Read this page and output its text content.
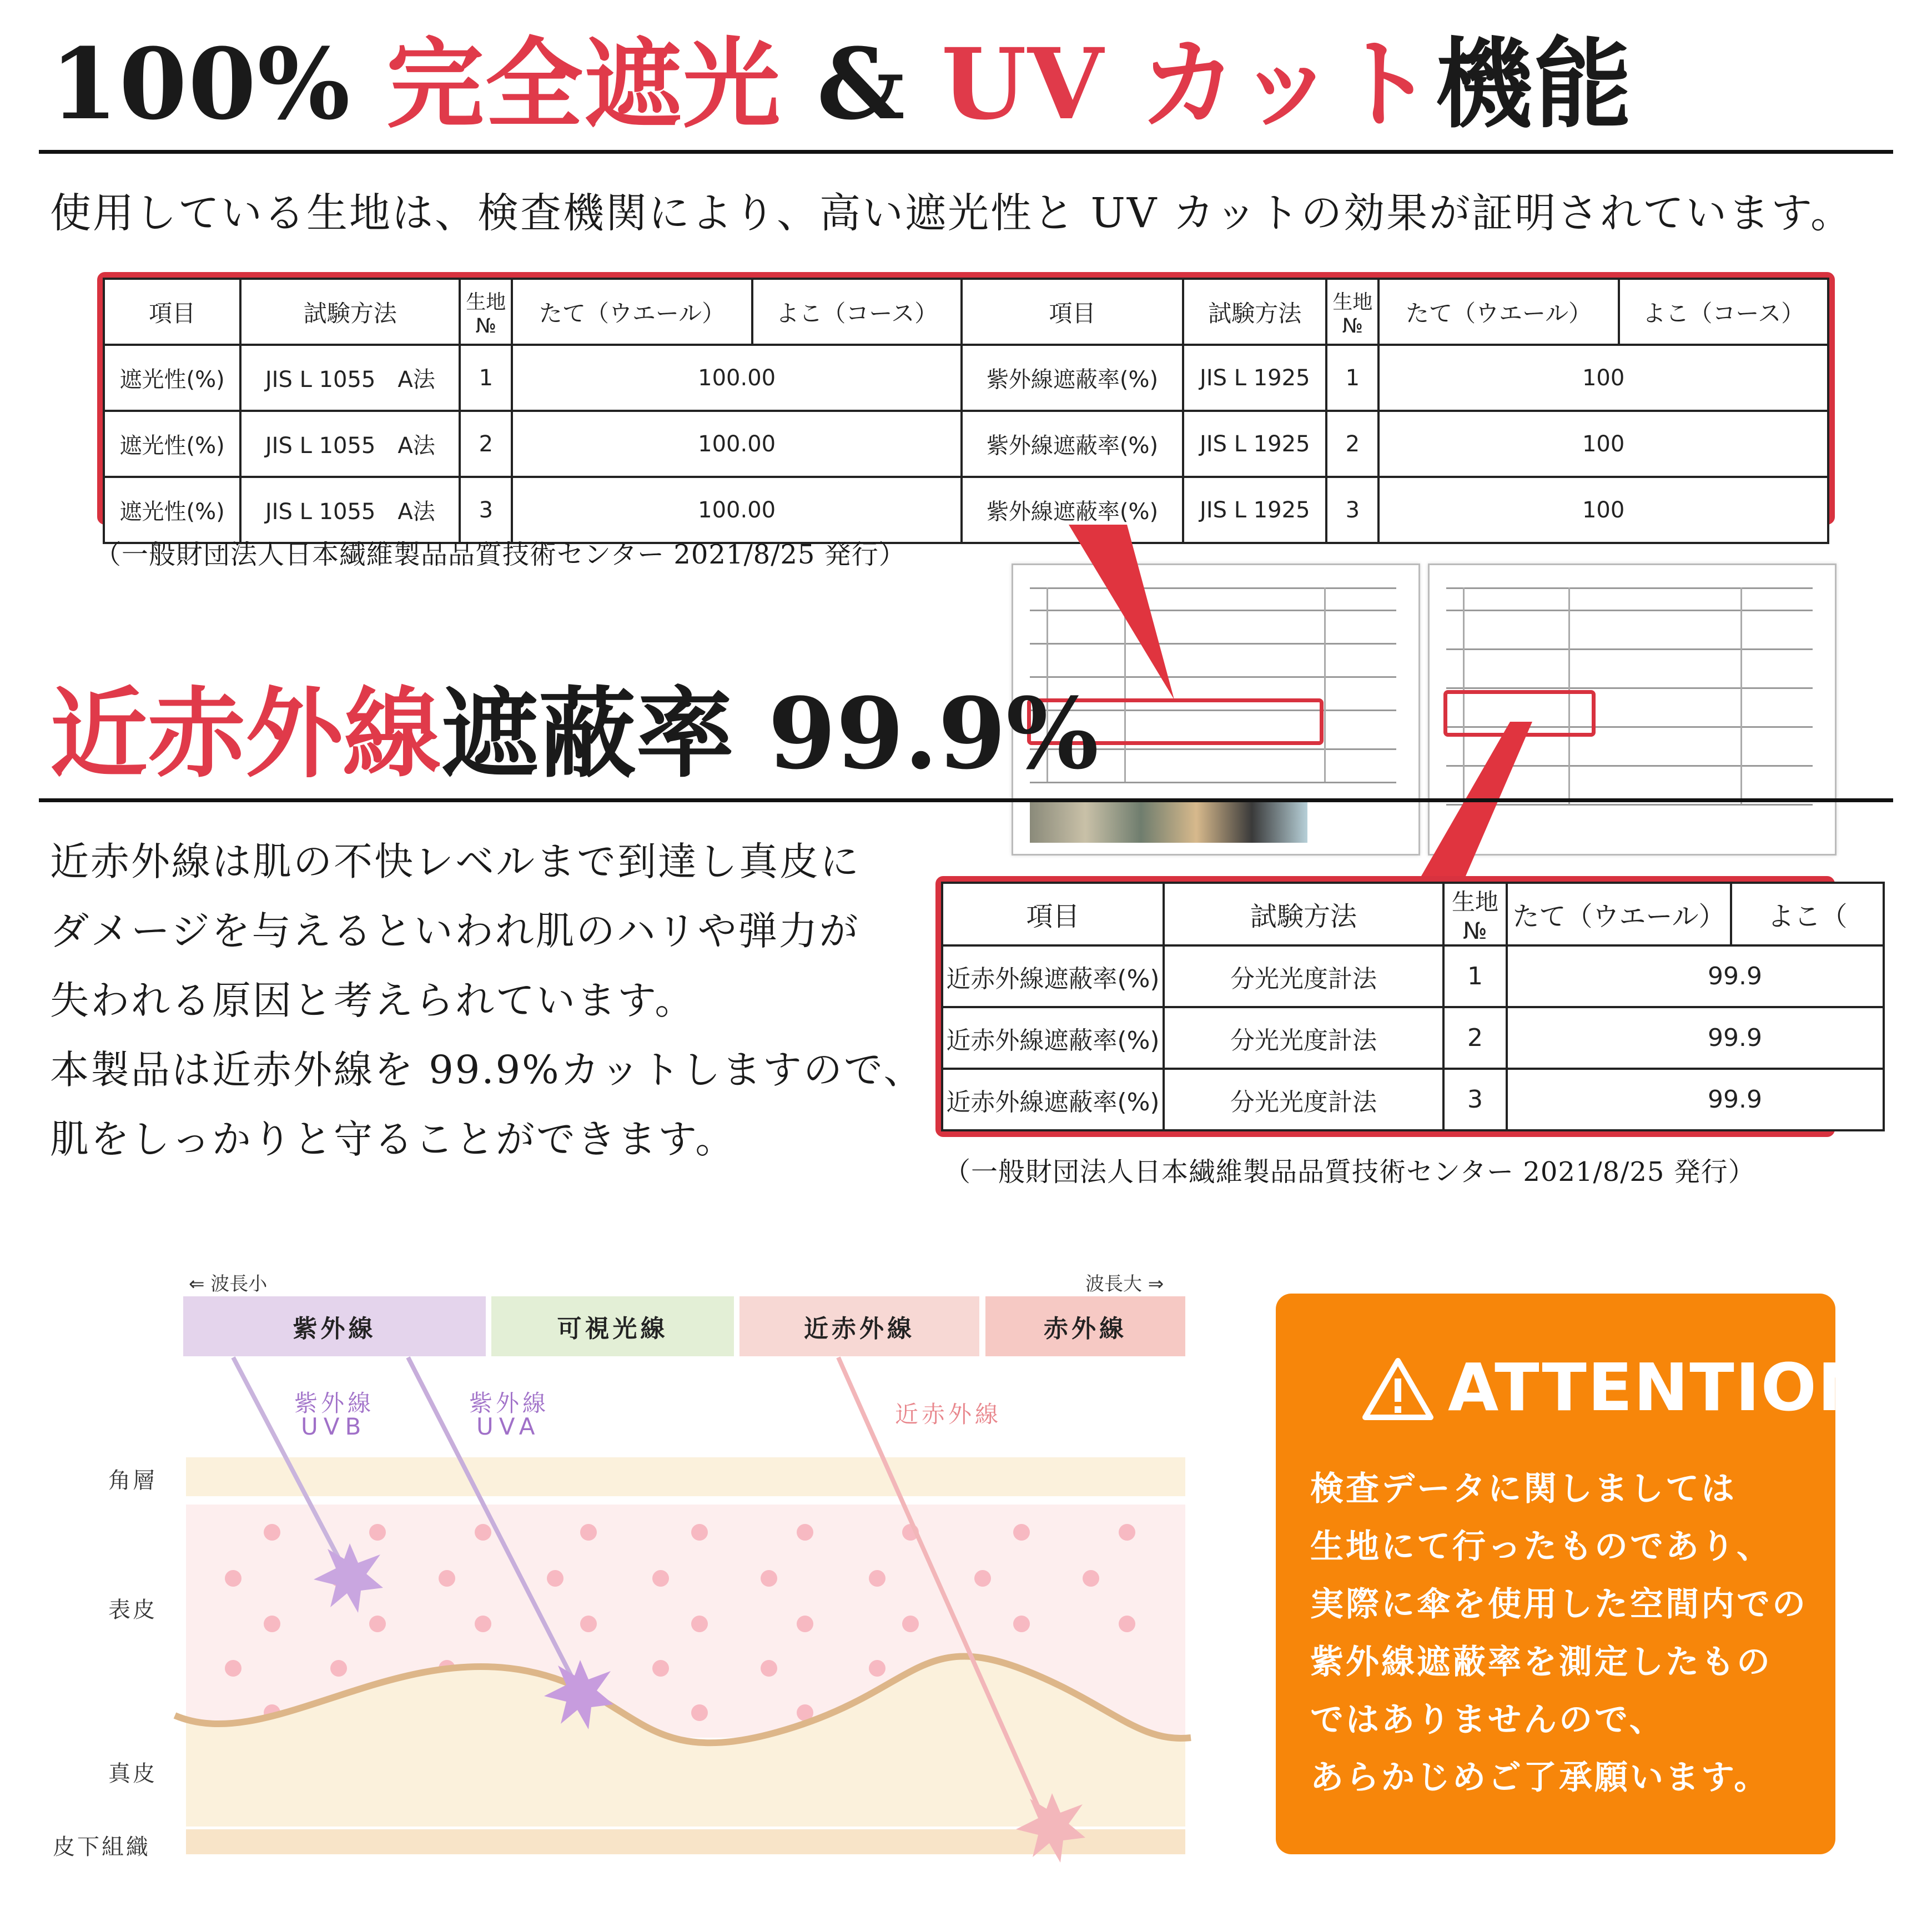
100% 完全遮光 & UV カット機能
使用している生地は、検査機関により、高い遮光性と UV カットの効果が証明されています。
項目	試験方法	生地№	たて（ウエール）	よこ（コース）	項目	試験方法	生地№	たて（ウエール）	よこ（コース）
遮光性(%)	JIS L 1055　A法	1	100.00		紫外線遮蔽率(%)	JIS L 1925	1	100	
遮光性(%)	JIS L 1055　A法	2	100.00		紫外線遮蔽率(%)	JIS L 1925	2	100	
遮光性(%)	JIS L 1055　A法	3	100.00		紫外線遮蔽率(%)	JIS L 1925	3	100	
（一般財団法人日本繊維製品品質技術センター 2021/8/25 発行）
近赤外線遮蔽率 99.9%
近赤外線は肌の不快レベルまで到達し真皮に
ダメージを与えるといわれ肌のハリや弾力が
失われる原因と考えられています。
本製品は近赤外線を 99.9%カットしますので、
肌をしっかりと守ることができます。
項目	試験方法	生地№	たて（ウエール）	よこ（
近赤外線遮蔽率(%)	分光光度計法	1	99.9	
近赤外線遮蔽率(%)	分光光度計法	2	99.9	
近赤外線遮蔽率(%)	分光光度計法	3	99.9	
（一般財団法人日本繊維製品品質技術センター 2021/8/25 発行）
⇐ 波長小	波長大 ⇒
紫外線	可視光線	近赤外線	赤外線
紫外線
UVB
紫外線
UVA	近赤外線
角層
表皮
真皮
皮下組織
ATTENTION
検査データに関しましては
生地にて行ったものであり、
実際に傘を使用した空間内での
紫外線遮蔽率を測定したもの
ではありませんので、
あらかじめご了承願います。
